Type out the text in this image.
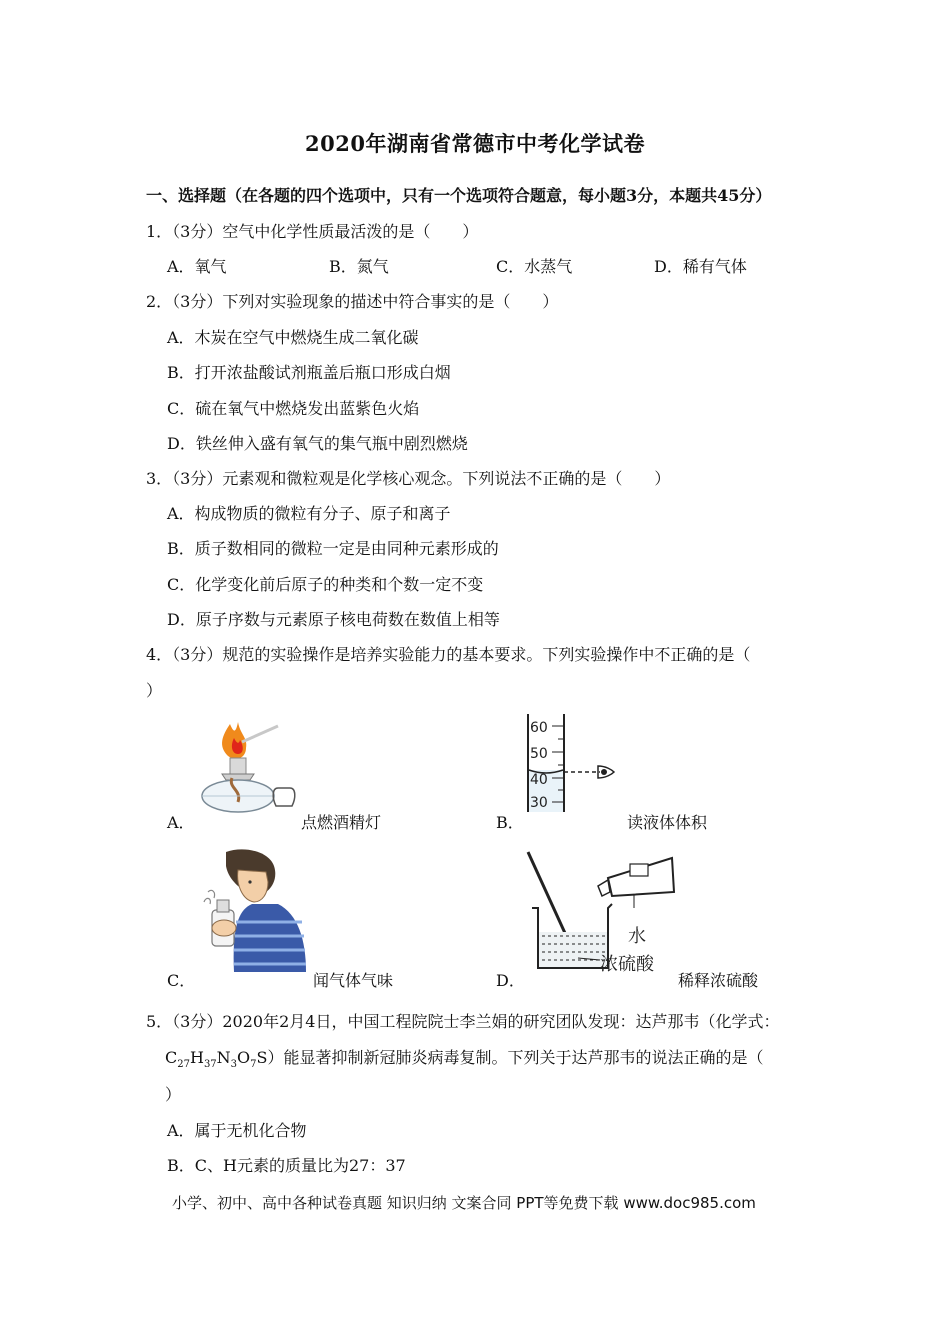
2020年湖南省常德市中考化学试卷
一、选择题（在各题的四个选项中，只有一个选项符合题意，每小题3分，本题共45分）
1．（3分）空气中化学性质最活泼的是（　　）
A．氧气	B．氮气	C．水蒸气	D．稀有气体
2．（3分）下列对实验现象的描述中符合事实的是（　　）
A．木炭在空气中燃烧生成二氧化碳
B．打开浓盐酸试剂瓶盖后瓶口形成白烟
C．硫在氧气中燃烧发出蓝紫色火焰
D．铁丝伸入盛有氧气的集气瓶中剧烈燃烧
3．（3分）元素观和微粒观是化学核心观念。下列说法不正确的是（　　）
A．构成物质的微粒有分子、原子和离子
B．质子数相同的微粒一定是由同种元素形成的
C．化学变化前后原子的种类和个数一定不变
D．原子序数与元素原子核电荷数在数值上相等
4．（3分）规范的实验操作是培养实验能力的基本要求。下列实验操作中不正确的是（
）
A．	点燃酒精灯
60
50
40
30
B．	读液体体积
C．	闻气体气味
水
浓硫酸
D．	稀释浓硫酸
5．（3分）2020年2月4日，中国工程院院士李兰娟的研究团队发现：达芦那韦（化学式：
$C_{27}H_{37}N_3O_7S$）能显著抑制新冠肺炎病毒复制。下列关于达芦那韦的说法正确的是（
）
A．属于无机化合物
B．C、H元素的质量比为27：37
小学、初中、高中各种试卷真题 知识归纳 文案合同 PPT等免费下载 www.doc985.com
